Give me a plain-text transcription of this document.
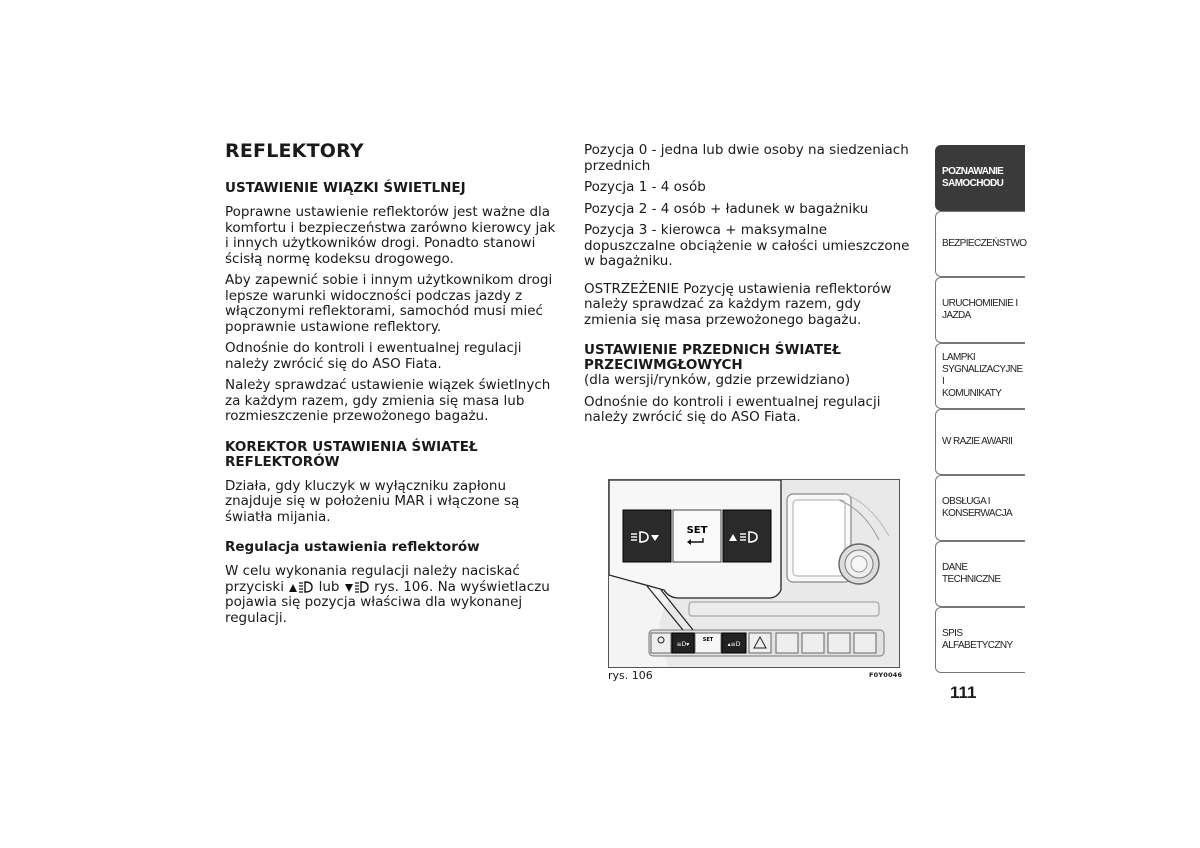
REFLEKTORY
USTAWIENIE WIĄZKI ŚWIETLNEJ

Poprawne ustawienie reflektorów jest ważne dla komfortu i bezpieczeństwa zarówno kierowcy jak i innych użytkowników drogi. Ponadto stanowi ścisłą normę kodeksu drogowego.

Aby zapewnić sobie i innym użytkownikom drogi lepsze warunki widoczności podczas jazdy z włączonymi reflektorami, samochód musi mieć poprawnie ustawione reflektory.

Odnośnie do kontroli i ewentualnej regulacji należy zwrócić się do ASO Fiata.

Należy sprawdzać ustawienie wiązek świetlnych za każdym razem, gdy zmienia się masa lub rozmieszczenie przewożonego bagażu.

KOREKTOR USTAWIENIA ŚWIATEŁ REFLEKTORÓW

Działa, gdy kluczyk w wyłączniku zapłonu znajduje się w położeniu MAR i włączone są światła mijania.

Regulacja ustawienia reflektorów

W celu wykonania regulacji należy naciskać przyciski	lub	rys. 106. Na wyświetlaczu pojawia się pozycja właściwa dla wykonanej regulacji.

Pozycja 0 - jedna lub dwie osoby na siedzeniach przednich

Pozycja 1 - 4 osób

Pozycja 2 - 4 osób + ładunek w bagażniku

Pozycja 3 - kierowca + maksymalne dopuszczalne obciążenie w całości umieszczone w bagażniku.

OSTRZEŻENIE Pozycję ustawienia reflektorów należy sprawdzać za każdym razem, gdy zmienia się masa przewożonego bagażu.

USTAWIENIE PRZEDNICH ŚWIATEŁ PRZECIWMGŁOWYCH

(dla wersji/rynków, gdzie przewidziano)

Odnośnie do kontroli i ewentualnej regulacji należy zwrócić się do ASO Fiata.

≡D▾
SET
▴≡D
SET
rys. 106	F0Y0046
POZNAWANIE
SAMOCHODU
BEZPIECZEŃSTWO
URUCHOMIENIE I
JAZDA
LAMPKI
SYGNALIZACYJNE I
KOMUNIKATY
W RAZIE AWARII
OBSŁUGA I
KONSERWACJA
DANE TECHNICZNE
SPIS ALFABETYCZNY
111
